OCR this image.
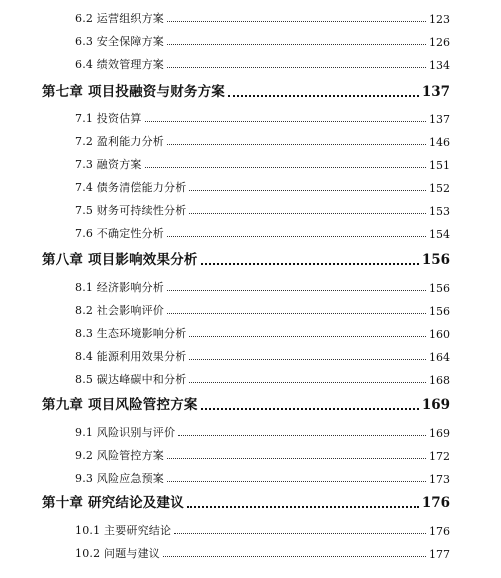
6.2 运营组织方案	123
6.3 安全保障方案	126
6.4 绩效管理方案	134
第七章 项目投融资与财务方案	137
7.1 投资估算	137
7.2 盈利能力分析	146
7.3 融资方案	151
7.4 债务清偿能力分析	152
7.5 财务可持续性分析	153
7.6 不确定性分析	154
第八章 项目影响效果分析	156
8.1 经济影响分析	156
8.2 社会影响评价	156
8.3 生态环境影响分析	160
8.4 能源利用效果分析	164
8.5 碳达峰碳中和分析	168
第九章 项目风险管控方案	169
9.1 风险识别与评价	169
9.2 风险管控方案	172
9.3 风险应急预案	173
第十章 研究结论及建议	176
10.1 主要研究结论	176
10.2 问题与建议	177
